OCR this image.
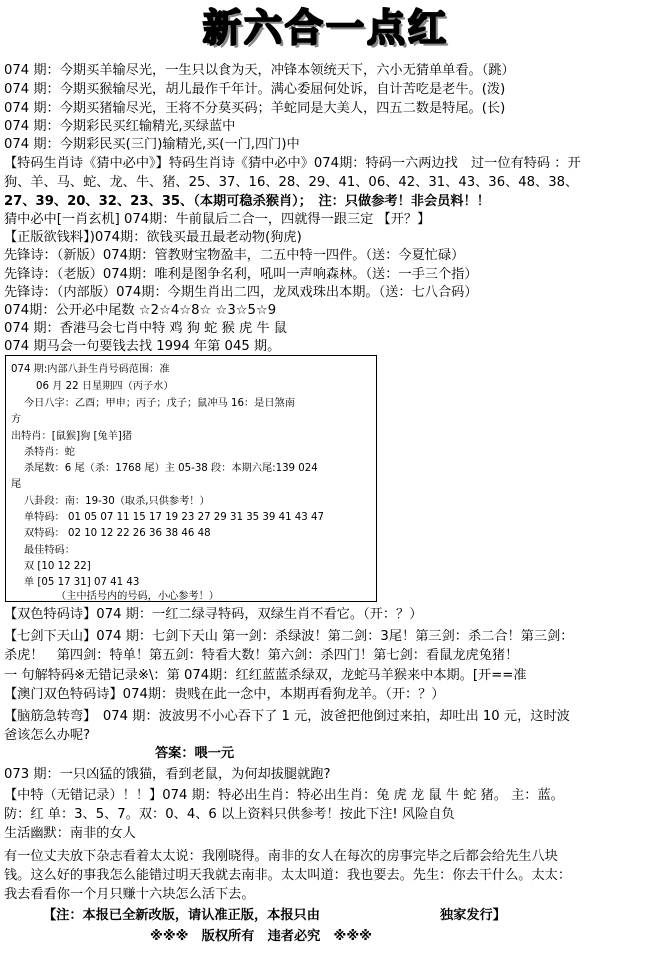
新六合一点红
074 期：今期买羊输尽光，一生只以食为天，冲锋本领统天下，六小无猜单单看。（跳）
074 期：今期买猴输尽光，胡儿最作千年计。满心委屈何处诉，自计苦吃是老牛。(泼)
074 期：今期买猪输尽光，王将不分莫买码；羊蛇同是大美人，四五二数是特尾。(长)
074 期：今期彩民买红输精光,买绿蓝中
074 期：今期彩民买(三门)输精光,买(一门,四门)中
【特码生肖诗《猜中必中》】特码生肖诗《猜中必中》074期：特码一六两边找　过一位有特码 ：开
狗、羊、马、蛇、龙、牛、猪、25、37、16、28、29、41、06、42、31、43、36、48、38、
27、39、20、32、23、35、（本期可稳杀猴肖）；　注：只做参考！非会员料！！
猜中必中[一肖玄机] 074期：牛前鼠后二合一，四就得一跟三定 【开？】
【正版欲钱料】)074期：欲钱买最丑最老动物(狗虎)
先锋诗：（新版）074期：管教财宝物盈丰，二五中特一四件。（送：今夏忙碌）
先锋诗：（老版）074期：唯利是图争名利，吼叫一声响森林。（送：一手三个指）
先锋诗：（内部版）074期：今期生肖出二四，龙凤戏珠出本期。（送：七八合码）
074期：公开必中尾数 ☆2☆4☆8☆ ☆3☆5☆9
074 期：香港马会七肖中特 鸡 狗 蛇 猴 虎 牛 鼠
074 期马会一句要钱去找 1994 年第 045 期。
074 期:内部八卦生肖号码范围：准
06 月 22 日星期四（丙子水）
今日八字：乙酉；甲申；丙子；戊子；鼠冲马 16：是日煞南
方
出特肖：[鼠猴]狗 [兔羊]猪
杀特肖：蛇
杀尾数：6 尾（杀：1768 尾）主 05-38 段：本期六尾:139 024
尾
八卦段：南：19-30（取杀,只供参考！）
单特码： 01 05 07 11 15 17 19 23 27 29 31 35 39 41 43 47
双特码： 02 10 12 22 26 36 38 46 48
最佳特码：
双 [10 12 22]
单 [05 17 31] 07 41 43
（主中括号内的号码，小心参考！）
【双色特码诗】074 期：一红二绿寻特码，双绿生肖不看它。（开：？）
【七剑下天山】074 期：七剑下天山 第一剑：杀绿波！第二剑：3尾！第三剑：杀二合！第三剑：
杀虎！　第四剑：特单！第五剑：特看大数！第六剑：杀四门！第七剑：看鼠龙虎兔猪！
一 句解特码※无错记录※\：第 074期：红红蓝蓝杀绿双，龙蛇马羊猴来中本期。[开==准
【澳门双色特码诗】074期：贵贱在此一念中，本期再看狗龙羊。（开：？）
【脑筋急转弯】　074 期：波波男不小心吞下了 1 元，波爸把他倒过来拍，却吐出 10 元，这时波
爸该怎么办呢?
答案：喂一元
073 期：一只凶猛的饿猫，看到老鼠，为何却拔腿就跑?
【中特（无错记录）！！】074 期：特必出生肖：特必出生肖：兔 虎 龙 鼠 牛 蛇 猪。 主：蓝。
防：红 单：3、5、7。双：0、4、6 以上资料只供参考！按此下注! 风险自负
生活幽默：南非的女人
有一位丈夫放下杂志看着太太说：我刚晓得。南非的女人在每次的房事完毕之后都会给先生八块
钱。这么好的事我怎么能错过明天我就去南非。太太叫道：我也要去。先生：你去干什么。太太：
我去看看你一个月只赚十六块怎么活下去。
【注：本报已全新改版，请认准正版，本报只由	独家发行】
※※※　版权所有　违者必究　※※※
